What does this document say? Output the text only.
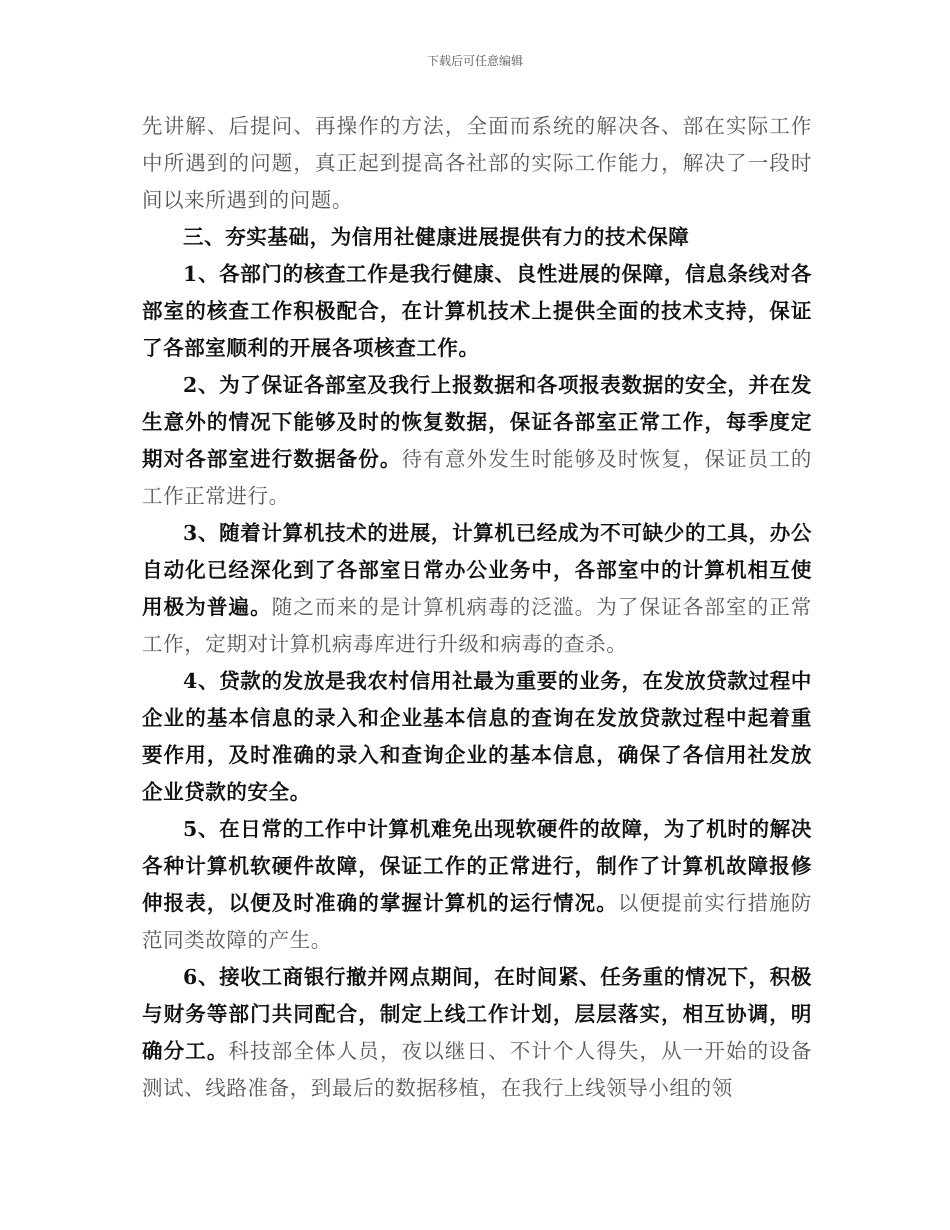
下载后可任意编辑

先讲解、后提问、再操作的方法，全面而系统的解决各、部在实际工作中所遇到的问题，真正起到提高各社部的实际工作能力，解决了一段时间以来所遇到的问题。

三、夯实基础，为信用社健康进展提供有力的技术保障

1、各部门的核查工作是我行健康、良性进展的保障，信息条线对各部室的核查工作积极配合，在计算机技术上提供全面的技术支持，保证了各部室顺利的开展各项核查工作。

2、为了保证各部室及我行上报数据和各项报表数据的安全，并在发生意外的情况下能够及时的恢复数据，保证各部室正常工作，每季度定期对各部室进行数据备份。待有意外发生时能够及时恢复，保证员工的工作正常进行。

3、随着计算机技术的进展，计算机已经成为不可缺少的工具，办公自动化已经深化到了各部室日常办公业务中，各部室中的计算机相互使用极为普遍。随之而来的是计算机病毒的泛滥。为了保证各部室的正常工作，定期对计算机病毒库进行升级和病毒的查杀。

4、贷款的发放是我农村信用社最为重要的业务，在发放贷款过程中企业的基本信息的录入和企业基本信息的查询在发放贷款过程中起着重要作用，及时准确的录入和查询企业的基本信息，确保了各信用社发放企业贷款的安全。

5、在日常的工作中计算机难免出现软硬件的故障，为了机时的解决各种计算机软硬件故障，保证工作的正常进行，制作了计算机故障报修伸报表，以便及时准确的掌握计算机的运行情况。以便提前实行措施防范同类故障的产生。

6、接收工商银行撤并网点期间，在时间紧、任务重的情况下，积极与财务等部门共同配合，制定上线工作计划，层层落实，相互协调，明确分工。科技部全体人员，夜以继日、不计个人得失，从一开始的设备测试、线路准备，到最后的数据移植，在我行上线领导小组的领
